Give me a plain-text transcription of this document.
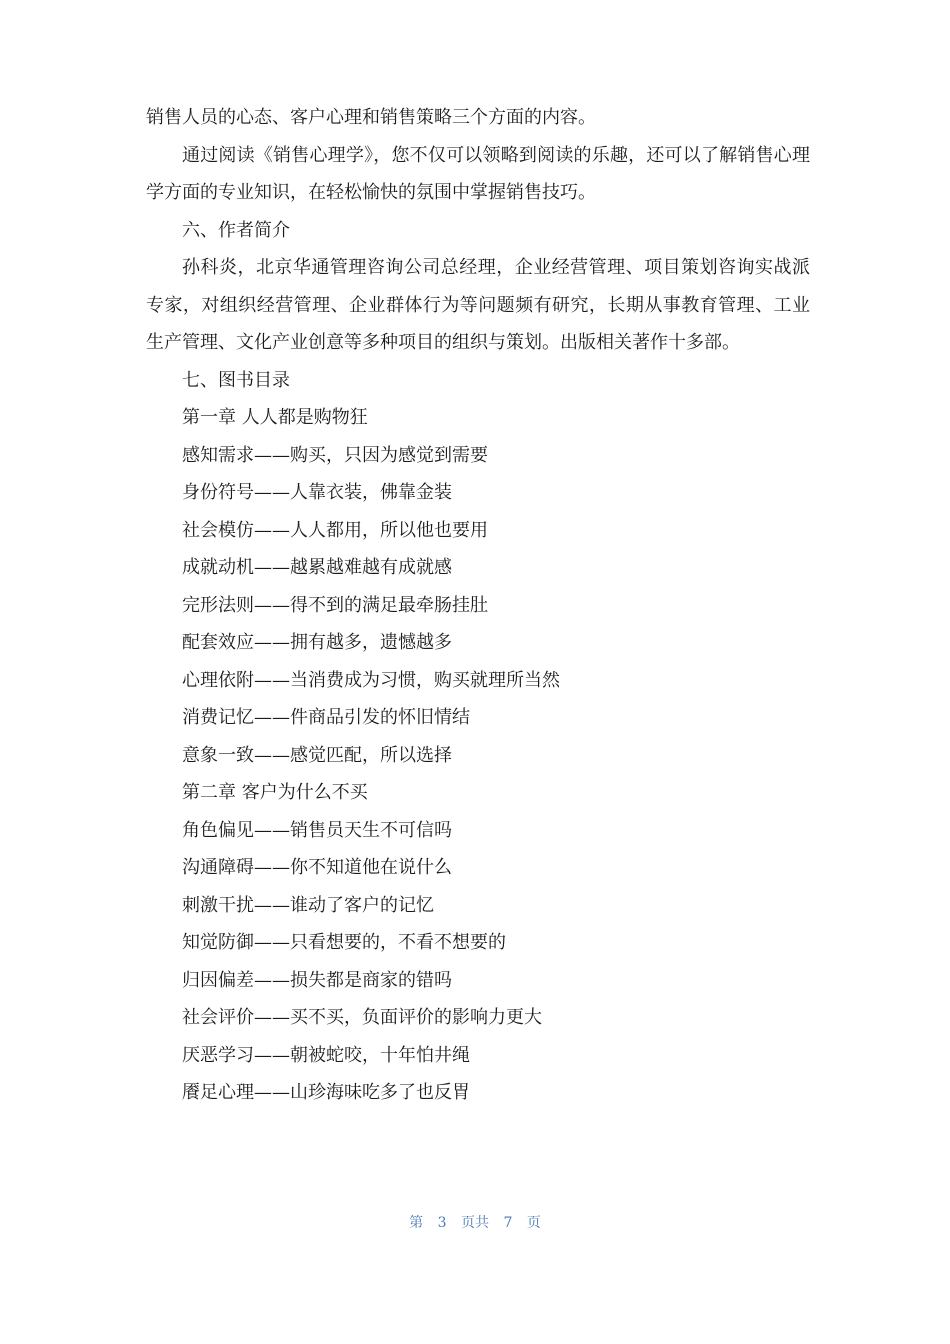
销售人员的心态、客户心理和销售策略三个方面的内容。

通过阅读《销售心理学》，您不仅可以领略到阅读的乐趣，还可以了解销售心理学方面的专业知识，在轻松愉快的氛围中掌握销售技巧。

六、作者简介

孙科炎，北京华通管理咨询公司总经理，企业经营管理、项目策划咨询实战派专家，对组织经营管理、企业群体行为等问题频有研究，长期从事教育管理、工业生产管理、文化产业创意等多种项目的组织与策划。出版相关著作十多部。

七、图书目录

第一章 人人都是购物狂

感知需求——购买，只因为感觉到需要

身份符号——人靠衣装，佛靠金装

社会模仿——人人都用，所以他也要用

成就动机——越累越难越有成就感

完形法则——得不到的满足最牵肠挂肚

配套效应——拥有越多，遗憾越多

心理依附——当消费成为习惯，购买就理所当然

消费记忆——件商品引发的怀旧情结

意象一致——感觉匹配，所以选择

第二章 客户为什么不买

角色偏见——销售员天生不可信吗

沟通障碍——你不知道他在说什么

刺激干扰——谁动了客户的记忆

知觉防御——只看想要的，不看不想要的

归因偏差——损失都是商家的错吗

社会评价——买不买，负面评价的影响力更大

厌恶学习——朝被蛇咬，十年怕井绳

餍足心理——山珍海味吃多了也反胃

第 3 页共 7 页
